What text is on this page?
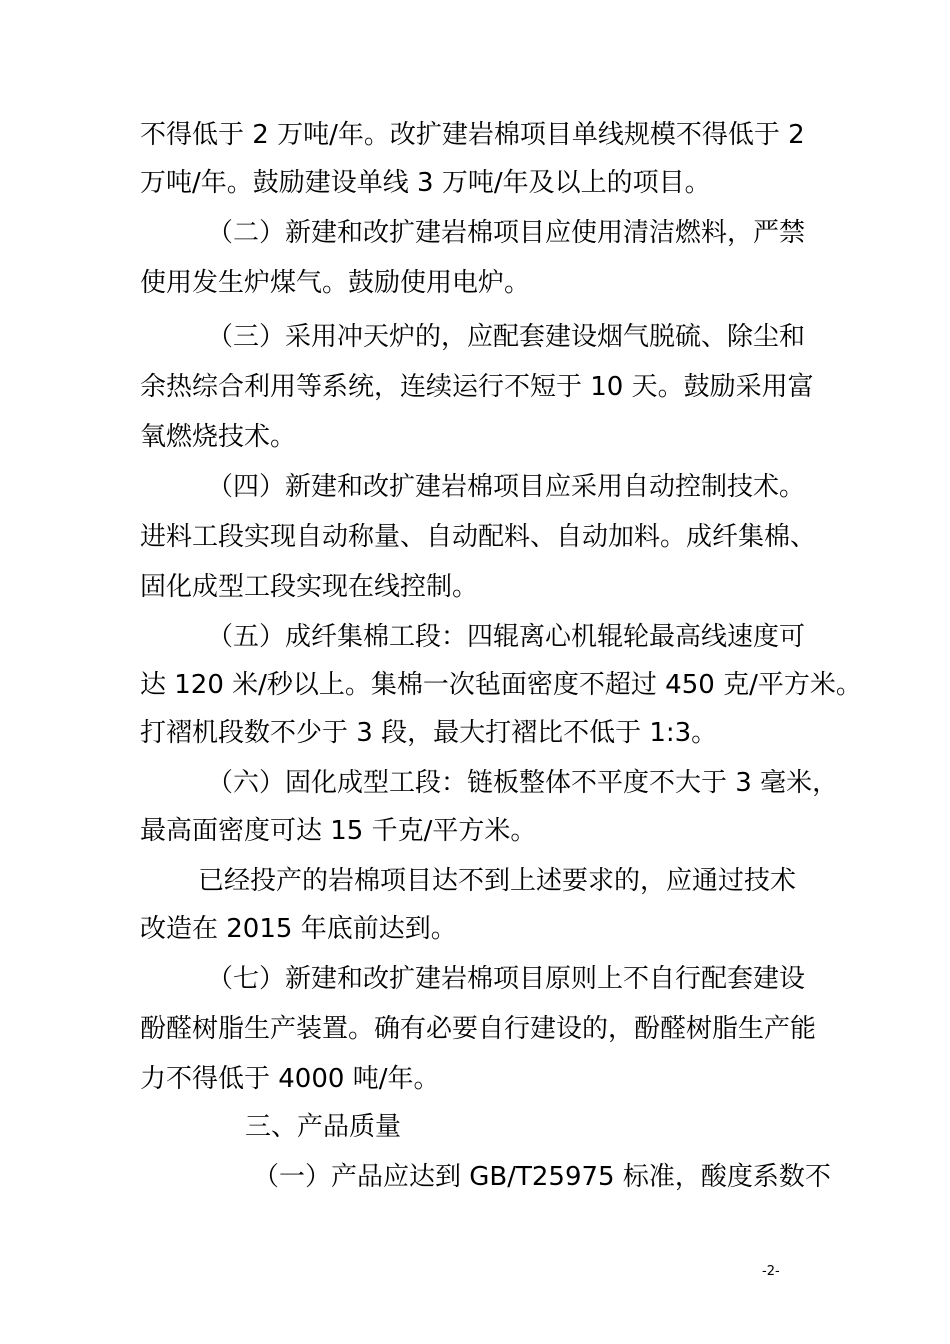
不得低于 2 万吨/年。改扩建岩棉项目单线规模不得低于 2
万吨/年。鼓励建设单线 3 万吨/年及以上的项目。
（二）新建和改扩建岩棉项目应使用清洁燃料，严禁
使用发生炉煤气。鼓励使用电炉。
（三）采用冲天炉的，应配套建设烟气脱硫、除尘和
余热综合利用等系统，连续运行不短于 10 天。鼓励采用富
氧燃烧技术。
（四）新建和改扩建岩棉项目应采用自动控制技术。
进料工段实现自动称量、自动配料、自动加料。成纤集棉、
固化成型工段实现在线控制。
（五）成纤集棉工段：四辊离心机辊轮最高线速度可
达 120 米/秒以上。集棉一次毡面密度不超过 450 克/平方米。
打褶机段数不少于 3 段，最大打褶比不低于 1:3。
（六）固化成型工段：链板整体不平度不大于 3 毫米，
最高面密度可达 15 千克/平方米。
已经投产的岩棉项目达不到上述要求的，应通过技术
改造在 2015 年底前达到。
（七）新建和改扩建岩棉项目原则上不自行配套建设
酚醛树脂生产装置。确有必要自行建设的，酚醛树脂生产能
力不得低于 4000 吨/年。
三、产品质量
（一）产品应达到 GB/T25975 标准，酸度系数不
-2-
